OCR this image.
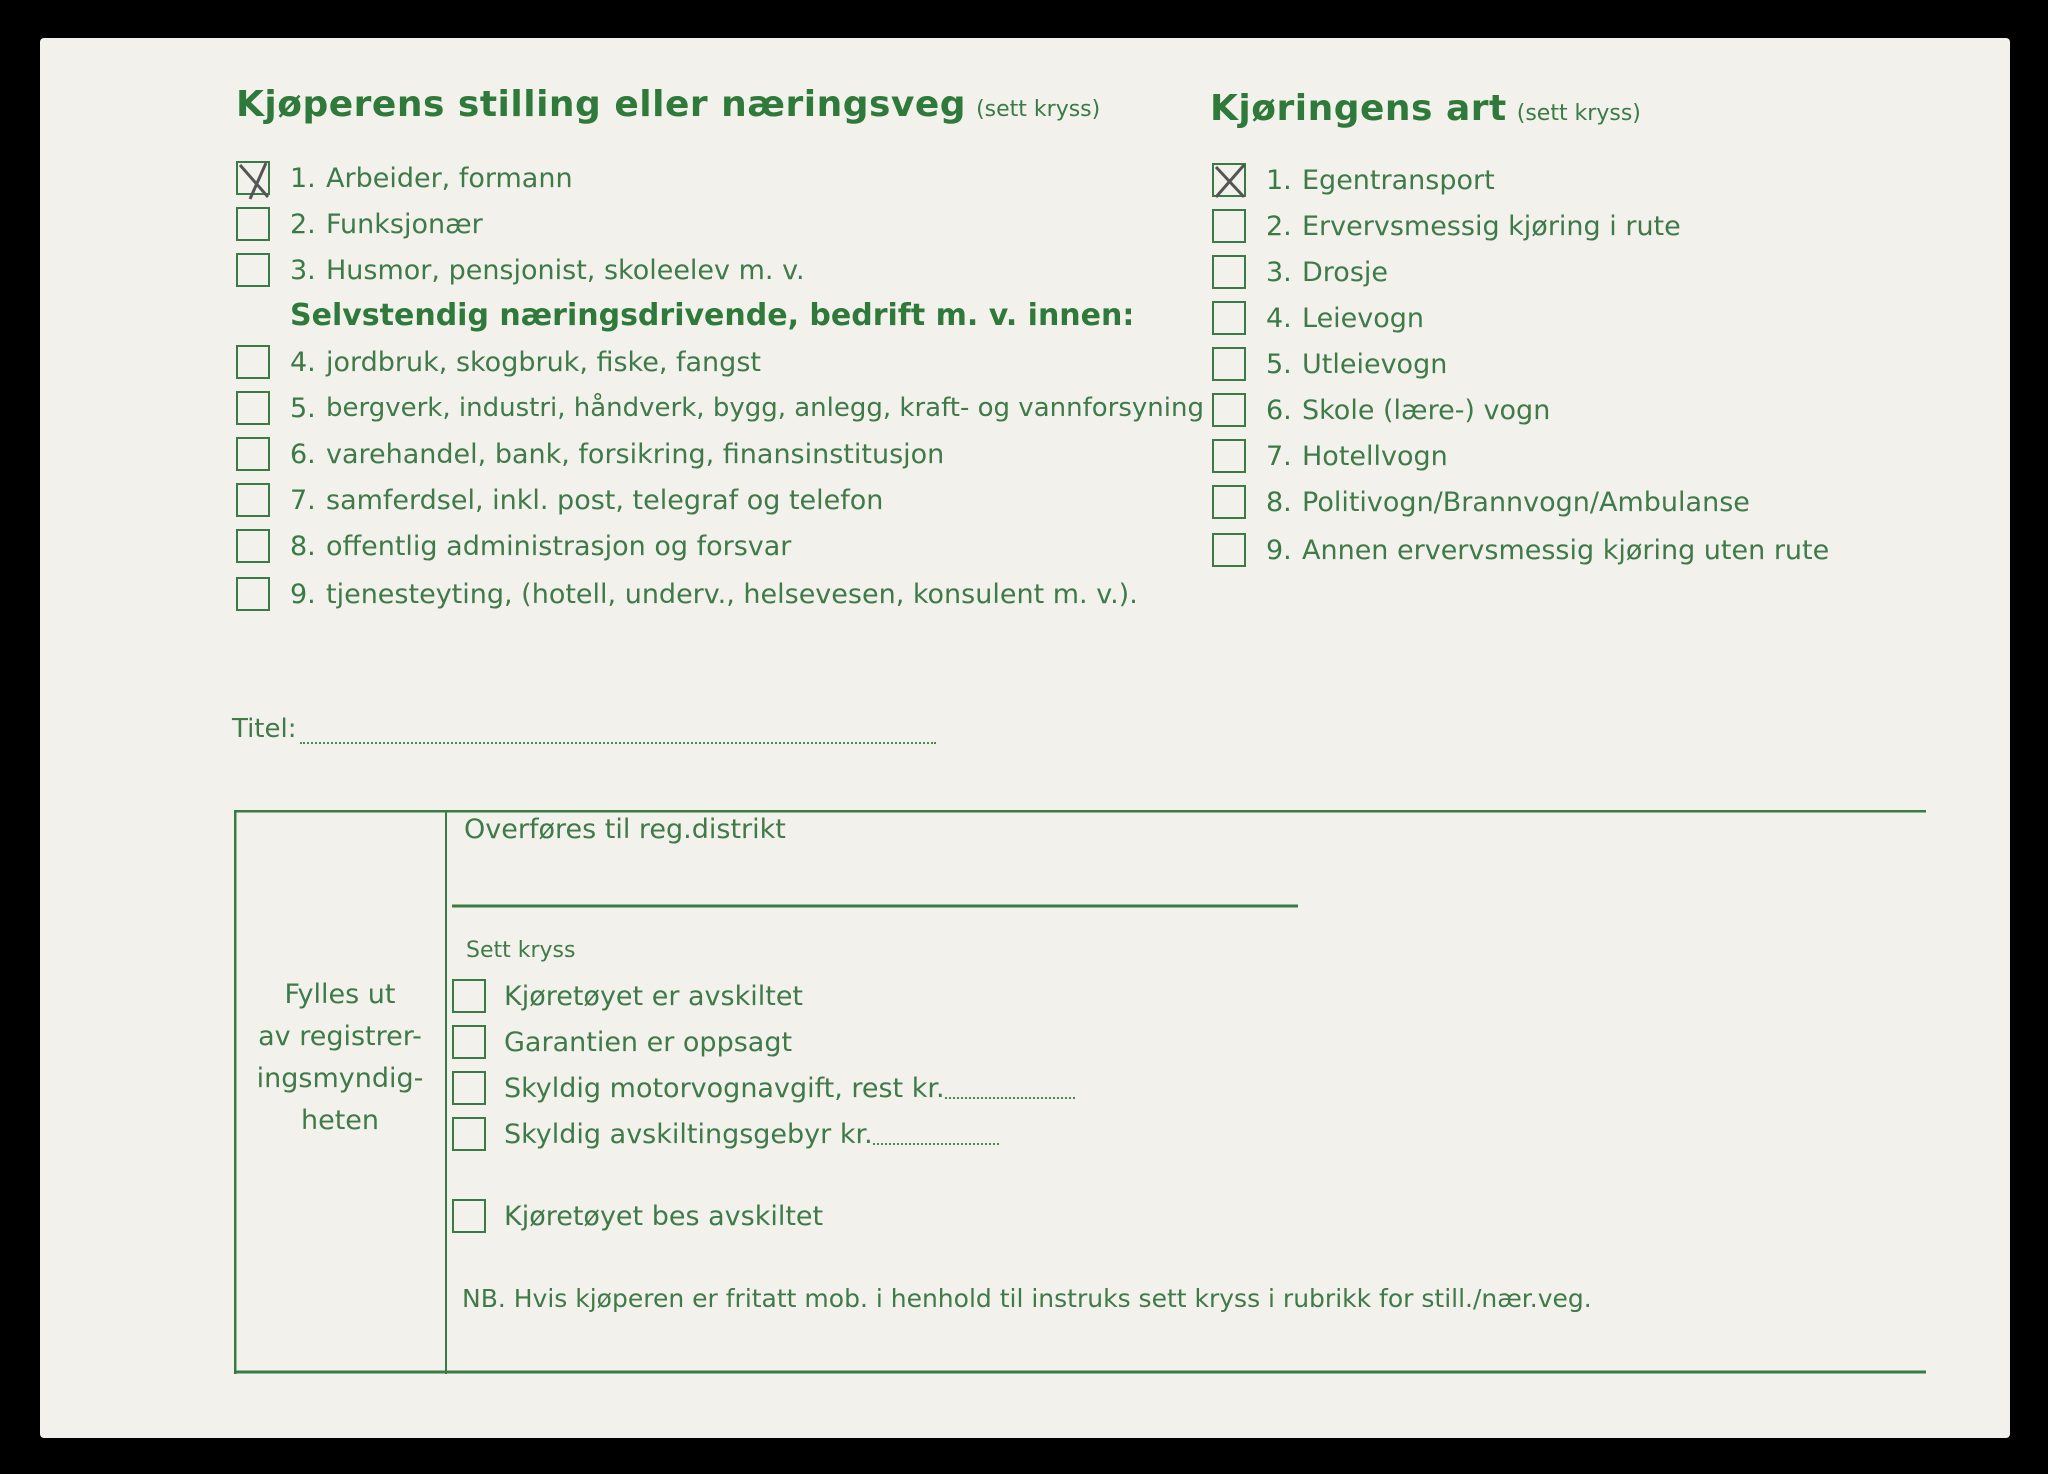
Kjøperens stilling eller næringsveg (sett kryss)
1. Arbeider, formann
2. Funksjonær
3. Husmor, pensjonist, skoleelev m. v.
Selvstendig næringsdrivende, bedrift m. v. innen:
4. jordbruk, skogbruk, fiske, fangst
5. bergverk, industri, håndverk, bygg, anlegg, kraft- og vannforsyning
6. varehandel, bank, forsikring, finansinstitusjon
7. samferdsel, inkl. post, telegraf og telefon
8. offentlig administrasjon og forsvar
9. tjenesteyting, (hotell, underv., helsevesen, konsulent m. v.).
Kjøringens art (sett kryss)
1. Egentransport
2. Ervervsmessig kjøring i rute
3. Drosje
4. Leievogn
5. Utleievogn
6. Skole (lære-) vogn
7. Hotellvogn
8. Politivogn/Brannvogn/Ambulanse
9. Annen ervervsmessig kjøring uten rute
Titel:
Fylles ut
av registrer-
ingsmyndig-
heten
Overføres til reg.distrikt
Sett kryss
Kjøretøyet er avskiltet
Garantien er oppsagt
Skyldig motorvognavgift, rest kr.
Skyldig avskiltingsgebyr kr.
Kjøretøyet bes avskiltet
NB. Hvis kjøperen er fritatt mob. i henhold til instruks sett kryss i rubrikk for still./nær.veg.
